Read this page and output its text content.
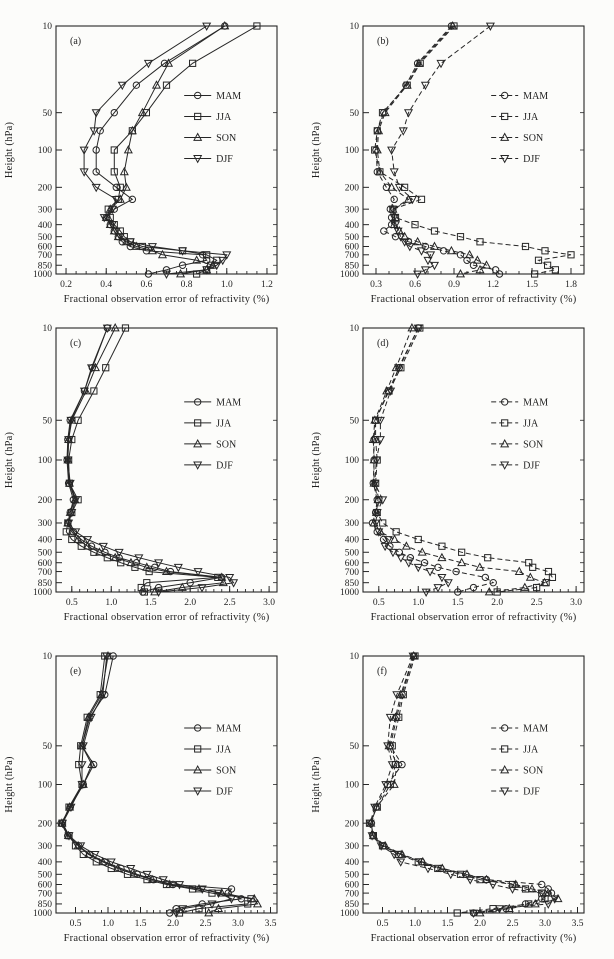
0.2	0.4	0.6	0.8	1.0	1.2
10
50
100
200
300
400
500
600
700
850
1000
Fractional observation error of refractivity (%)
Height (hPa)
(a)
MAM
JJA
SON
DJF
0.3	0.6	0.9	1.2	1.5	1.8
10
50
100
200
300
400
500
600
700
850
1000
Fractional observation error of refractivity (%)
Height (hPa)
(b)
MAM
JJA
SON
DJF
0.5	1.0	1.5	2.0	2.5	3.0
10
50
100
200
300
400
500
600
700
850
1000
Fractional observation error of refractivity (%)
Height (hPa)
(c)
MAM
JJA
SON
DJF
0.5	1.0	1.5	2.0	2.5	3.0
10
50
100
200
300
400
500
600
700
850
1000
Fractional observation error of refractivity (%)
Height (hPa)
(d)
MAM
JJA
SON
DJF
0.5 1.0 1.5 2.0 2.5 3.0 3.5
10
50
100
200
300
400
500
600
700
850
1000
Fractional observation error of refractivity (%)
Height (hPa)
(e)
MAM
JJA
SON
DJF
0.5 1.0 1.5 2.0 2.5 3.0 3.5
10
50
100
200
300
400
500
600
700
850
1000
Fractional observation error of refractivity (%)
Height (hPa)
(f)
MAM
JJA
SON
DJF
